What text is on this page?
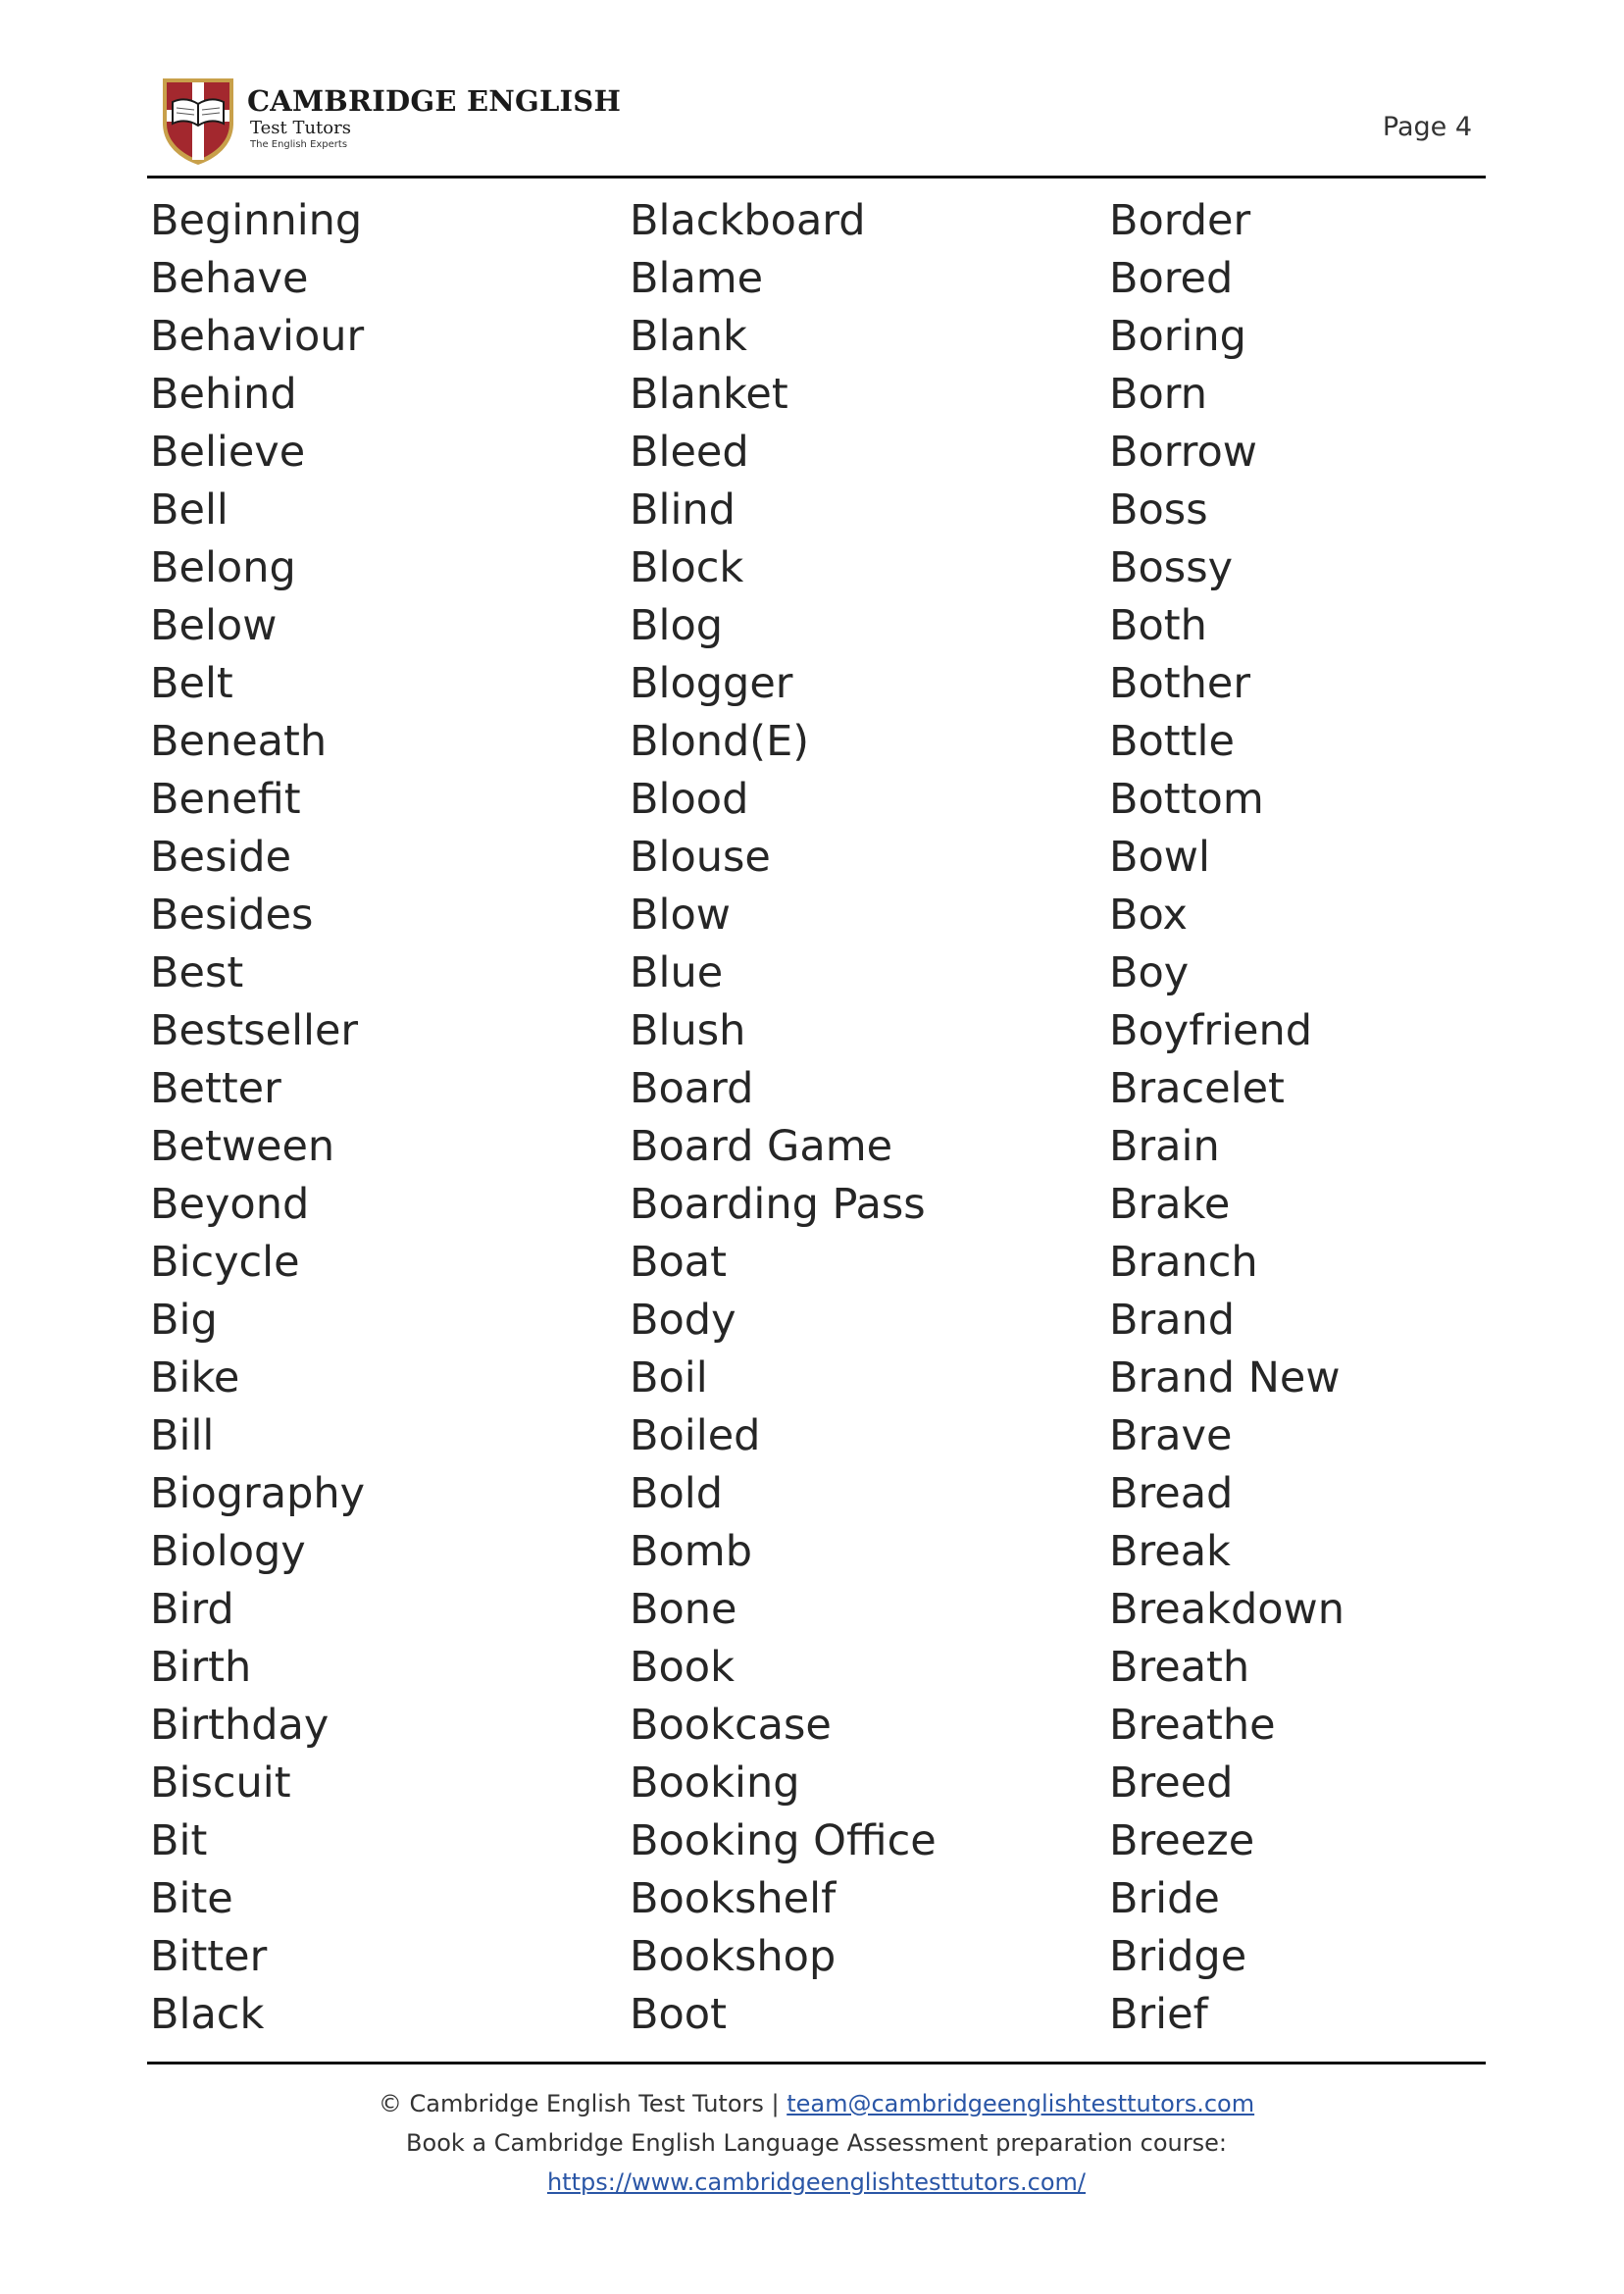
CAMBRIDGE ENGLISH
Test Tutors
The English Experts
Page 4
Beginning
Behave
Behaviour
Behind
Believe
Bell
Belong
Below
Belt
Beneath
Benefit
Beside
Besides
Best
Bestseller
Better
Between
Beyond
Bicycle
Big
Bike
Bill
Biography
Biology
Bird
Birth
Birthday
Biscuit
Bit
Bite
Bitter
Black
Blackboard
Blame
Blank
Blanket
Bleed
Blind
Block
Blog
Blogger
Blond(E)
Blood
Blouse
Blow
Blue
Blush
Board
Board Game
Boarding Pass
Boat
Body
Boil
Boiled
Bold
Bomb
Bone
Book
Bookcase
Booking
Booking Office
Bookshelf
Bookshop
Boot
Border
Bored
Boring
Born
Borrow
Boss
Bossy
Both
Bother
Bottle
Bottom
Bowl
Box
Boy
Boyfriend
Bracelet
Brain
Brake
Branch
Brand
Brand New
Brave
Bread
Break
Breakdown
Breath
Breathe
Breed
Breeze
Bride
Bridge
Brief
© Cambridge English Test Tutors | team@cambridgeenglishtesttutors.com
Book a Cambridge English Language Assessment preparation course:
https://www.cambridgeenglishtesttutors.com/
